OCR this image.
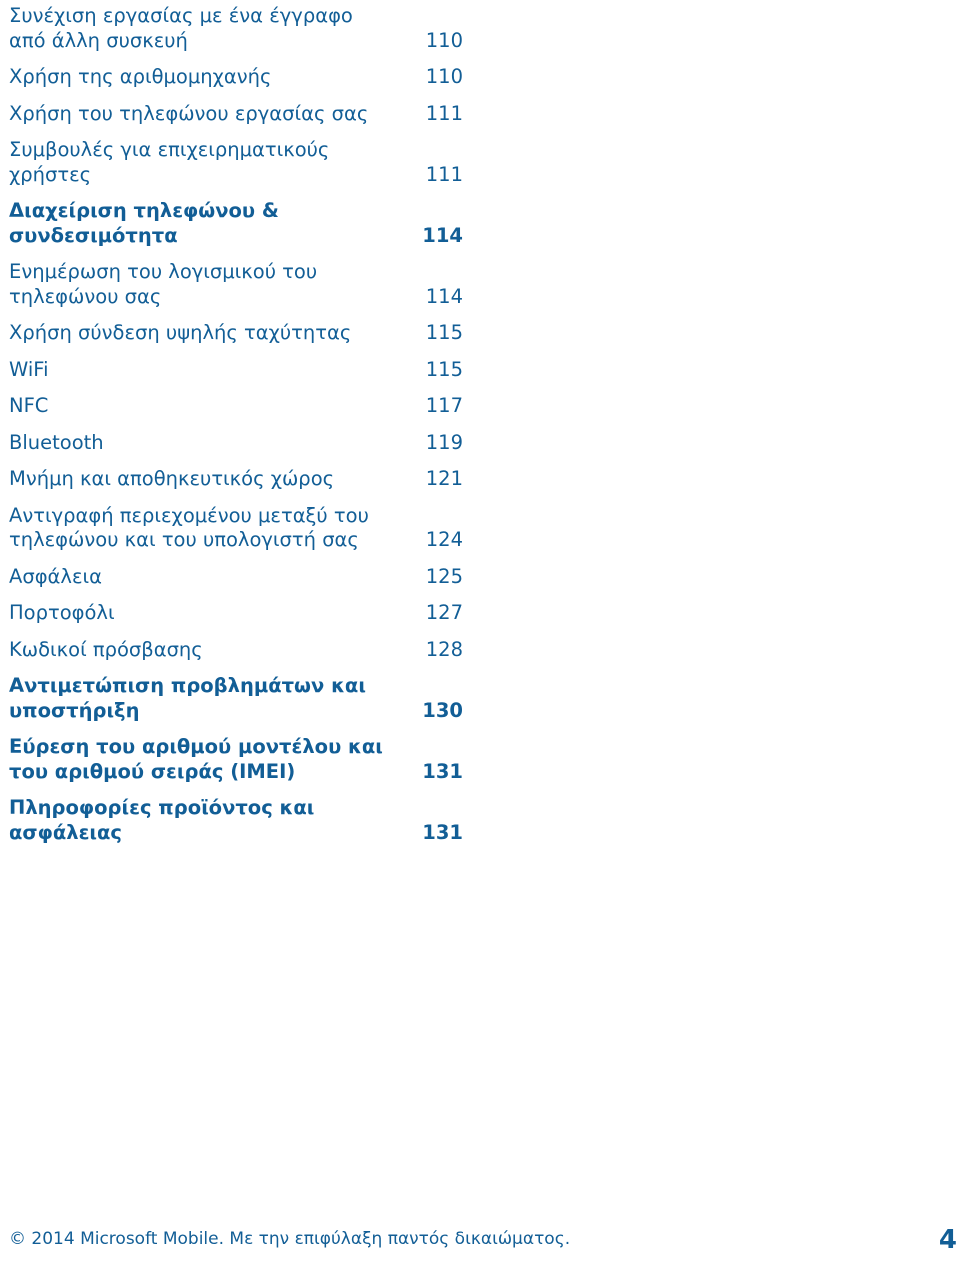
Συνέχιση εργασίας με ένα έγγραφο από άλλη συσκευή	110
Χρήση της αριθμομηχανής	110
Χρήση του τηλεφώνου εργασίας σας	111
Συμβουλές για επιχειρηματικούς χρήστες	111
Διαχείριση τηλεφώνου & συνδεσιμότητα	114
Ενημέρωση του λογισμικού του τηλεφώνου σας	114
Χρήση σύνδεση υψηλής ταχύτητας	115
WiFi	115
NFC	117
Bluetooth	119
Μνήμη και αποθηκευτικός χώρος	121
Αντιγραφή περιεχομένου μεταξύ του τηλεφώνου και του υπολογιστή σας	124
Ασφάλεια	125
Πορτοφόλι	127
Κωδικοί πρόσβασης	128
Αντιμετώπιση προβλημάτων και υποστήριξη	130
Εύρεση του αριθμού μοντέλου και του αριθμού σειράς (IMEI)	131
Πληροφορίες προϊόντος και ασφάλειας	131
© 2014 Microsoft Mobile. Με την επιφύλαξη παντός δικαιώματος.	4
